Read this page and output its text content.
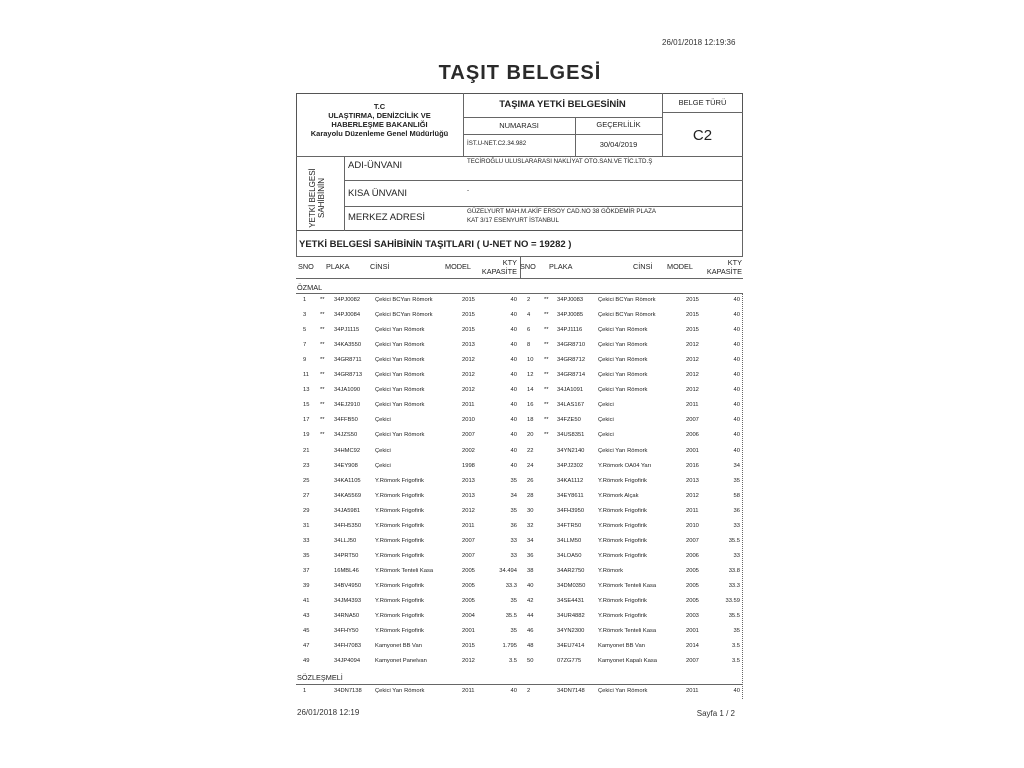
26/01/2018 12:19:36
TAŞIT BELGESİ
T.C
ULAŞTIRMA, DENİZCİLİK VE
HABERLEŞME BAKANLIĞI
Karayolu Düzenleme Genel Müdürlüğü
TAŞIMA YETKİ BELGESİNİN
NUMARASI	GEÇERLİLİK
İST.U-NET.C2.34.982	30/04/2019
BELGE TÜRÜ
C2
YETKİ BELGESİ SAHİBİNİN
ADI-ÜNVANI	TECİROĞLU ULUSLARARASI NAKLİYAT OTO.SAN.VE TİC.LTD.Ş
KISA ÜNVANI	-
MERKEZ ADRESİ
GÜZELYURT MAH.M.AKİF ERSOY CAD.NO 38 GÖKDEMİR PLAZA
KAT 3/17 ESENYURT İSTANBUL
YETKİ BELGESİ SAHİBİNİN TAŞITLARI ( U-NET NO = 19282 )
SNO PLAKA	CİNSİ	MODEL	KTY
KAPASİTE
SNO PLAKA	CİNSİ MODEL	KTY
KAPASİTE
ÖZMAL
1 ** 34PJ0082	Çekici BCYarı Römork	2015	40 2 ** 34PJ0083	Çekici BCYarı Römork	2015	40
3 ** 34PJ0084	Çekici BCYarı Römork	2015	40 4 ** 34PJ0085	Çekici BCYarı Römork	2015	40
5 ** 34PJ1115	Çekici Yarı Römork	2015	40 6 ** 34PJ1116	Çekici Yarı Römork	2015	40
7 ** 34KA3550 Çekici Yarı Römork	2013	40 8 ** 34GR8710 Çekici Yarı Römork	2012	40
9 ** 34GR8711 Çekici Yarı Römork	2012	40 10 ** 34GR8712 Çekici Yarı Römork	2012	40
11 ** 34GR8713 Çekici Yarı Römork	2012	40 12 ** 34GR8714 Çekici Yarı Römork	2012	40
13 ** 34JA1090	Çekici Yarı Römork	2012	40 14 ** 34JA1091	Çekici Yarı Römork	2012	40
15 ** 34EJ2910	Çekici Yarı Römork	2011	40 16 ** 34LAS167 Çekici	2011	40
17 ** 34FFB50	Çekici	2010	40 18 ** 34FZE50	Çekici	2007	40
19 ** 34JZS50	Çekici Yarı Römork	2007	40 20 ** 34US8351 Çekici	2006	40
21	34HMC92	Çekici	2002	40 22	34YN2140 Çekici Yarı Römork	2001	40
23	34EY908	Çekici	1998	40 24	34PJ2302	Y.Römork OA04 Yarı	2016	34
25	34KA1105 Y.Römork Frigofirik	2013	35 26	34KA1112	Y.Römork Frigofirik	2013	35
27	34KA5569 Y.Römork Frigofirik	2013	34 28	34EY8611 Y.Römork Alçak	2012	58
29	34JA5981	Y.Römork Frigofirik	2012	35 30	34FH3950 Y.Römork Frigofirik	2011	36
31	34FH5350 Y.Römork Frigofirik	2011	36 32	34FTR50	Y.Römork Frigofirik	2010	33
33	34LLJ50	Y.Römork Frigofirik	2007	33 34	34LLM50	Y.Römork Frigofirik	2007	35.5
35	34PRT50	Y.Römork Frigofirik	2007	33 36	34LOA50	Y.Römork Frigofirik	2006	33
37	16MBL46	Y.Römork Tenteli Kasa	2005	34.494 38	34AR2750 Y.Römork	2005	33.8
39	34BV4950 Y.Römork Frigofirik	2005	33.3 40	34DM0350 Y.Römork Tenteli Kasa	2005	33.3
41	34JM4393 Y.Römork Frigofirik	2005	35 42	34SE4431 Y.Römork Frigofirik	2005	33.59
43	34RNA50	Y.Römork Frigofirik	2004	35.5 44	34UR4882 Y.Römork Frigofirik	2003	35.5
45	34FHY50	Y.Römork Frigofirik	2001	35 46	34YN2300 Y.Römork Tenteli Kasa	2001	35
47	34FH7083 Kamyonet BB Van	2015	1.795 48	34EU7414 Kamyonet BB Van	2014	3.5
49	34JP4094	Kamyonet Panelvan	2012	3.5 50	07ZG775	Kamyonet Kapalı Kasa	2007	3.5
SÖZLEŞMELİ
1	34DN7138 Çekici Yarı Römork	2011	40 2	34DN7148 Çekici Yarı Römork	2011	40
26/01/2018 12:19	Sayfa 1 / 2
